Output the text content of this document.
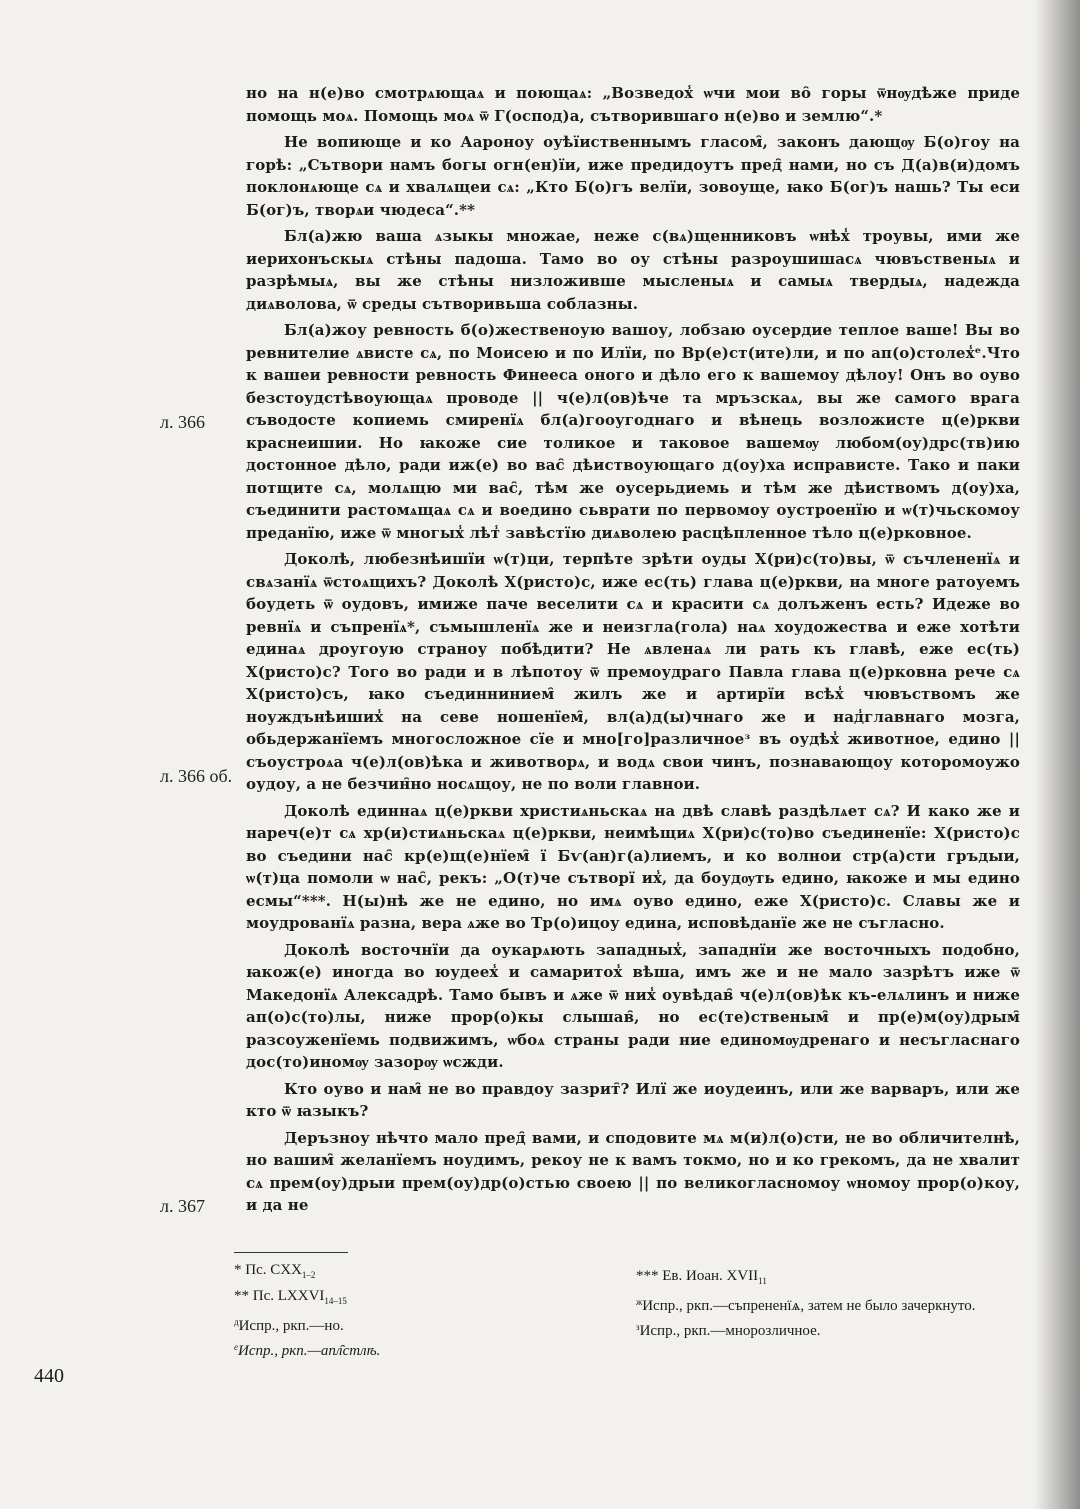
но на н(е)во смотрѧющаѧ и поющаѧ: „Возведох̾ ѡчи мои во̑ горы ѿнѹдѣже приде помощь моѧ. Помощь моѧ ѿ Г(оспод)а, сътворившаго н(е)во и землю“.*

Не вопиюще и ко Аароноу оуѣїиственнымъ гласом̑, законъ дающѹ Б(о)гоу на горѣ: „Сътвори намъ богы огн(ен)їи, иже предидоутъ пред̑ нами, но съ Д(а)в(и)домъ поклонѧюще сѧ и хвалѧщеи сѧ: „Кто Б(о)гъ велїи, зовоуще, ꙗко Б(ог)ъ нашь? Ты еси Б(ог)ъ, творѧи чюдеса“.**

Бл(а)жю ваша ѧзыкы множае, неже с(вѧ)щенниковъ ѡнѣх̾ троувы, ими же иерихонъскыѧ стѣны падоша. Тамо во оу стѣны разроушишасѧ чювъственыѧ и разрѣмыѧ, вы же стѣны низложивше мысленыѧ и самыѧ твердыѧ, надежда диѧволова, ѿ среды сътворивьша соблазны.

Бл(а)жоу ревность б(о)жественоую вашоу, лобзаю оусердие теплое ваше! Вы во ревнителие ѧвисте сѧ, по Моисею и по Илїи, по Вр(е)ст(ите)ли, и по ап(о)столех̾ᵉ.Что к вашеи ревности ревность Финееса оного и дѣло его к вашемоу дѣлоу! Онъ во оуво безстоудстѣвоующаѧ проводе || ч(е)л(ов)ѣче та мръзскаѧ, вы же самого врага съводосте копиемь смиренїѧ бл(а)гооугоднаго и вѣнець возложисте ц(е)ркви краснеишии. Но ꙗкоже сие толикое и таковое вашемѹ любом(оу)дрс(тв)ию достонное дѣло, ради иж(е) во вас̑ дѣиствоующаго д(оу)ха исправисте. Тако и паки потщите сѧ, молѧщю ми вас̑, тѣм же оусерьдиемь и тѣм же дѣиствомъ д(оу)ха, съединити растомѧщаѧ сѧ и воедино сьврати по первомоу оустроенїю и ѡ(т)чьскомоу преданїю, иже ѿ многых̾ лѣт̾ завѣстїю диѧволею расцѣпленное тѣло ц(е)рковное.

Доколѣ, любезнѣишїи ѡ(т)ци, терпѣте зрѣти оуды Х(ри)с(то)вы, ѿ съчлененїѧ и свѧзанїѧ ѿстоѧщихъ? Доколѣ Х(ристо)с, иже ес(ть) глава ц(е)ркви, на многе ратоуемъ боудеть ѿ оудовъ, имиже паче веселити сѧ и красити сѧ долъженъ есть? Идеже во ревнїѧ и съпренїѧ*, съмышленїѧ же и неизгла(гола) наѧ хоудожества и еже хотѣти единаѧ дроугоую страноу побѣдити? Не ѧвленаѧ ли рать къ главѣ, еже ес(ть) Х(ристо)с? Того во ради и в лѣпотоу ѿ премоудраго Павла глава ц(е)рковна рече сѧ Х(ристо)съ, ꙗко съединнинием̑ жилъ же и артирїи всѣх̾ чювъствомъ же ноуждънѣиших̾ на севе ношенїем̑, вл(а)д(ы)чнаго же и над̾главнаго мозга, обьдержанїемъ многосложное сїе и мно[го]различноеᶟ въ оудѣх̾ животное, едино || съоустроѧа ч(е)л(ов)ѣка и животворѧ, и водѧ свои чинъ, познавающоу которомоужо оудоу, а не безчин̑но носѧщоу, не по воли главнои.

Доколѣ единнаѧ ц(е)ркви христиѧньскаѧ на двѣ славѣ раздѣлѧет сѧ? И како же и нареч(е)т сѧ хр(и)стиѧньскаѧ ц(е)ркви, неимѣщиѧ Х(ри)с(то)во съединенїе: Х(ристо)с во съедини нас̑ кр(е)щ(е)нїем̑ ї Бѵ(ан)г(а)лиемъ, и ко волнои стр(а)сти гръдыи, ѡ(т)ца помоли ѡ нас̑, рекъ: „О(т)че сътворї их̾, да боудѹть едино, ꙗкоже и мы едино есмы“***. Н(ы)нѣ же не едино, но имѧ оуво едино, еже Х(ристо)с. Славы же и моудрованїѧ разна, вера ѧже во Тр(о)ицоу едина, исповѣданїе же не съгласно.

Доколѣ восточнїи да оукарѧють западных̾, западнїи же восточныхъ подобно, ꙗкож(е) иногда во юудеех̾ и самаритох̾ вѣша, имъ же и не мало зазрѣтъ иже ѿ Македонїѧ Алексадрѣ. Тамо бывъ и ѧже ѿ них̾ оувѣдав̑ ч(е)л(ов)ѣк къ-елѧлинъ и ниже ап(о)с(то)лы, ниже прор(о)кы слышав̑, но ес(те)ственым̑ и пр(е)м(оу)дрым̑ разсоуженїемь подвижимъ, ѡбоѧ страны ради ние единомѹдренаго и несъгласнаго дос(то)иномѹ зазорѹ ѡсжди.

Кто оуво и нам̑ не во правдоу зазрит̑? Илї же иоудеинъ, или же варваръ, или же кто ѿ ꙗзыкъ?

Деръзноу нѣчто мало пред̑ вами, и сподовите мѧ м(и)л(о)сти, не во обличителнѣ, но вашим̑ желанїемъ ноудимъ, рекоу не к вамъ токмо, но и ко грекомъ, да не хвалит сѧ прем(оу)дрыи прем(оу)др(о)стью своею || по великогласномоу ѡномоу прор(о)коу, и да не

л. 366
л. 366 об.
л. 367
* Пс. $CXX_{1-2}$
** Пс. $LXXVI_{14-15}$
$^д$Испр., ркп.—но.
$^е$Испр., ркп.—апл̑стлѣ.
*** Ев. Иоан. $XVII_{11}$
$^ж$Испр., ркп.—съпрененїѧ, затем не было зачеркнуто.
$^з$Испр., ркп.—мнорозличное.
440
